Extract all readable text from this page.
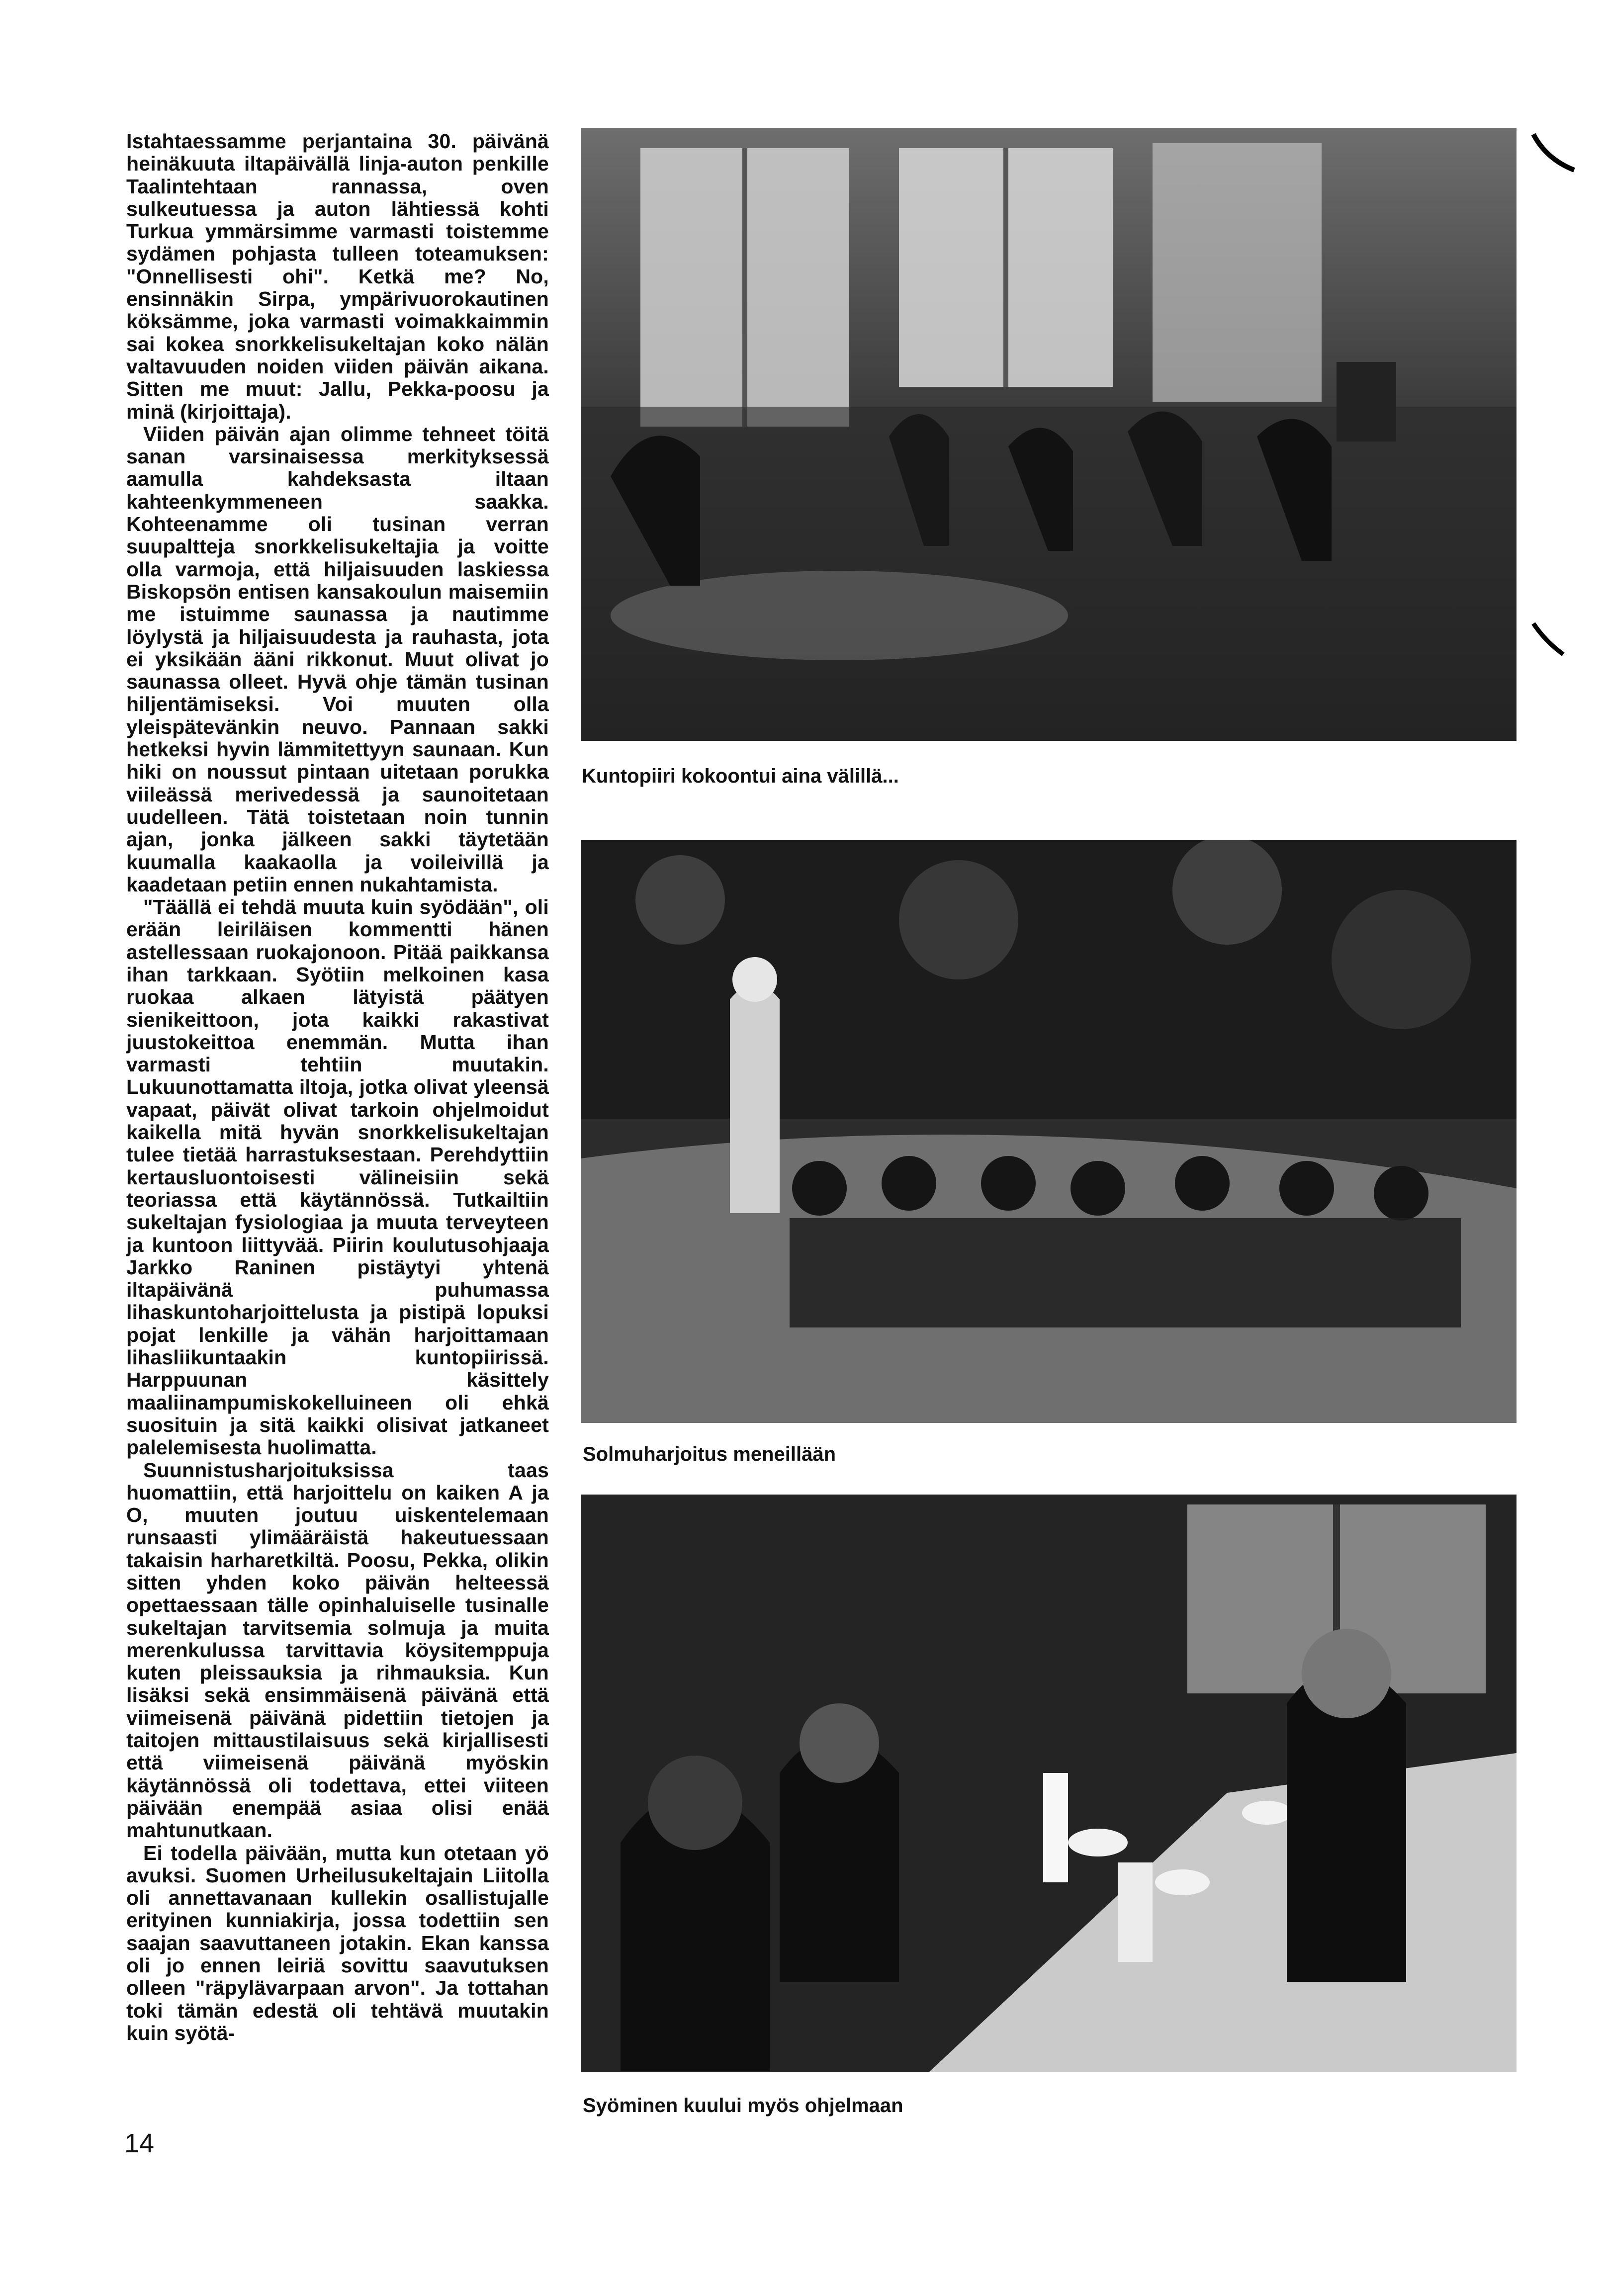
Istahtaessamme perjantaina 30. päivänä heinäkuuta iltapäivällä linja-auton penkille Taalintehtaan rannassa, oven sulkeutuessa ja auton lähtiessä kohti Turkua ymmärsimme varmasti toistemme sydämen pohjasta tulleen toteamuksen: "Onnellisesti ohi". Ketkä me? No, ensinnäkin Sirpa, ympärivuorokautinen köksämme, joka varmasti voimakkaimmin sai kokea snorkkelisukeltajan koko nälän valtavuuden noiden viiden päivän aikana. Sitten me muut: Jallu, Pekka-poosu ja minä (kirjoittaja).

Viiden päivän ajan olimme tehneet töitä sanan varsinaisessa merkityksessä aamulla kahdeksasta iltaan kahteenkymmeneen saakka. Kohteenamme oli tusinan verran suupaltteja snorkkelisukeltajia ja voitte olla varmoja, että hiljaisuuden laskiessa Biskopsön entisen kansakoulun maisemiin me istuimme saunassa ja nautimme löylystä ja hiljaisuudesta ja rauhasta, jota ei yksikään ääni rikkonut. Muut olivat jo saunassa olleet. Hyvä ohje tämän tusinan hiljentämiseksi. Voi muuten olla yleispätevänkin neuvo. Pannaan sakki hetkeksi hyvin lämmitettyyn saunaan. Kun hiki on noussut pintaan uitetaan porukka viileässä merivedessä ja saunoitetaan uudelleen. Tätä toistetaan noin tunnin ajan, jonka jälkeen sakki täytetään kuumalla kaakaolla ja voileivillä ja kaadetaan petiin ennen nukahtamista.

"Täällä ei tehdä muuta kuin syödään", oli erään leiriläisen kommentti hänen astellessaan ruokajonoon. Pitää paikkansa ihan tarkkaan. Syötiin melkoinen kasa ruokaa alkaen lätyistä päätyen sienikeittoon, jota kaikki rakastivat juustokeittoa enemmän. Mutta ihan varmasti tehtiin muutakin. Lukuunottamatta iltoja, jotka olivat yleensä vapaat, päivät olivat tarkoin ohjelmoidut kaikella mitä hyvän snorkkelisukeltajan tulee tietää harrastuksestaan. Perehdyttiin kertausluontoisesti välineisiin sekä teoriassa että käytännössä. Tutkailtiin sukeltajan fysiologiaa ja muuta terveyteen ja kuntoon liittyvää. Piirin koulutusohjaaja Jarkko Raninen pistäytyi yhtenä iltapäivänä puhumassa lihaskuntoharjoittelusta ja pistipä lopuksi pojat lenkille ja vähän harjoittamaan lihasliikuntaakin kuntopiirissä. Harppuunan käsittely maaliinampumiskokelluineen oli ehkä suosituin ja sitä kaikki olisivat jatkaneet palelemisesta huolimatta.

Suunnistusharjoituksissa taas huomattiin, että harjoittelu on kaiken A ja O, muuten joutuu uiskentelemaan runsaasti ylimääräistä hakeutuessaan takaisin harharetkiltä. Poosu, Pekka, olikin sitten yhden koko päivän helteessä opettaessaan tälle opinhaluiselle tusinalle sukeltajan tarvitsemia solmuja ja muita merenkulussa tarvittavia köysitemppuja kuten pleissauksia ja rihmauksia. Kun lisäksi sekä ensimmäisenä päivänä että viimeisenä päivänä pidettiin tietojen ja taitojen mittaustilaisuus sekä kirjallisesti että viimeisenä päivänä myöskin käytännössä oli todettava, ettei viiteen päivään enempää asiaa olisi enää mahtunutkaan.

Ei todella päivään, mutta kun otetaan yö avuksi. Suomen Urheilusukeltajain Liitolla oli annettavanaan kullekin osallistujalle erityinen kunniakirja, jossa todettiin sen saajan saavuttaneen jotakin. Ekan kanssa oli jo ennen leiriä sovittu saavutuksen olleen "räpylävarpaan arvon". Ja tottahan toki tämän edestä oli tehtävä muutakin kuin syötä-

Kuntopiiri kokoontui aina välillä...
Solmuharjoitus meneillään
Syöminen kuului myös ohjelmaan
14
